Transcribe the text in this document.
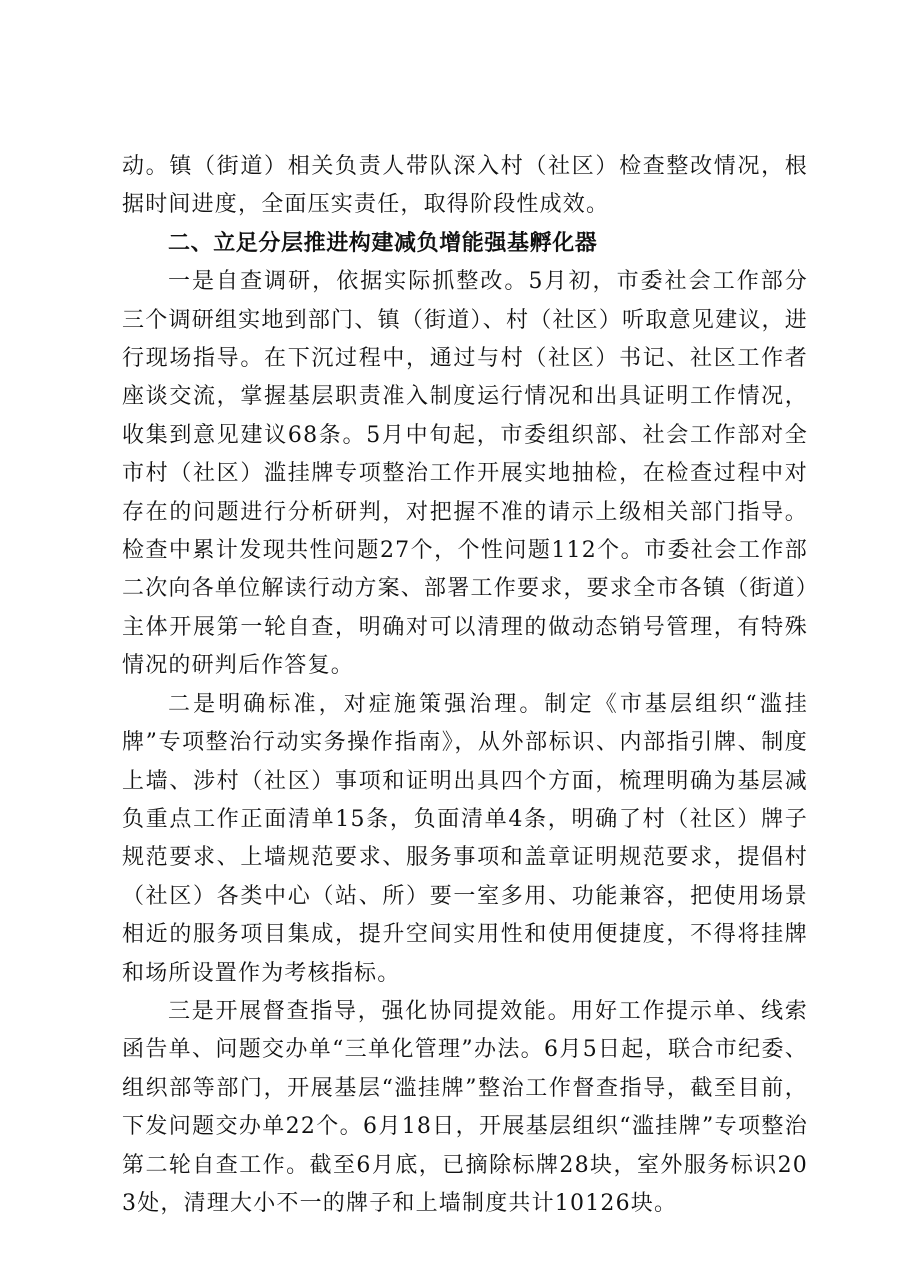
动。镇（街道）相关负责人带队深入村（社区）检查整改情况，根据时间进度，全面压实责任，取得阶段性成效。

二、立足分层推进构建减负增能强基孵化器

一是自查调研，依据实际抓整改。5月初，市委社会工作部分三个调研组实地到部门、镇（街道）、村（社区）听取意见建议，进行现场指导。在下沉过程中，通过与村（社区）书记、社区工作者座谈交流，掌握基层职责准入制度运行情况和出具证明工作情况，收集到意见建议68条。5月中旬起，市委组织部、社会工作部对全市村（社区）滥挂牌专项整治工作开展实地抽检，在检查过程中对存在的问题进行分析研判，对把握不准的请示上级相关部门指导。检查中累计发现共性问题27个，个性问题112个。市委社会工作部二次向各单位解读行动方案、部署工作要求，要求全市各镇（街道）主体开展第一轮自查，明确对可以清理的做动态销号管理，有特殊情况的研判后作答复。

二是明确标准，对症施策强治理。制定《市基层组织“滥挂牌”专项整治行动实务操作指南》，从外部标识、内部指引牌、制度上墙、涉村（社区）事项和证明出具四个方面，梳理明确为基层减负重点工作正面清单15条，负面清单4条，明确了村（社区）牌子规范要求、上墙规范要求、服务事项和盖章证明规范要求，提倡村（社区）各类中心（站、所）要一室多用、功能兼容，把使用场景相近的服务项目集成，提升空间实用性和使用便捷度，不得将挂牌和场所设置作为考核指标。

三是开展督查指导，强化协同提效能。用好工作提示单、线索函告单、问题交办单“三单化管理”办法。6月5日起，联合市纪委、组织部等部门，开展基层“滥挂牌”整治工作督查指导，截至目前，下发问题交办单22个。6月18日，开展基层组织“滥挂牌”专项整治第二轮自查工作。截至6月底，已摘除标牌28块，室外服务标识203处，清理大小不一的牌子和上墙制度共计10126块。
